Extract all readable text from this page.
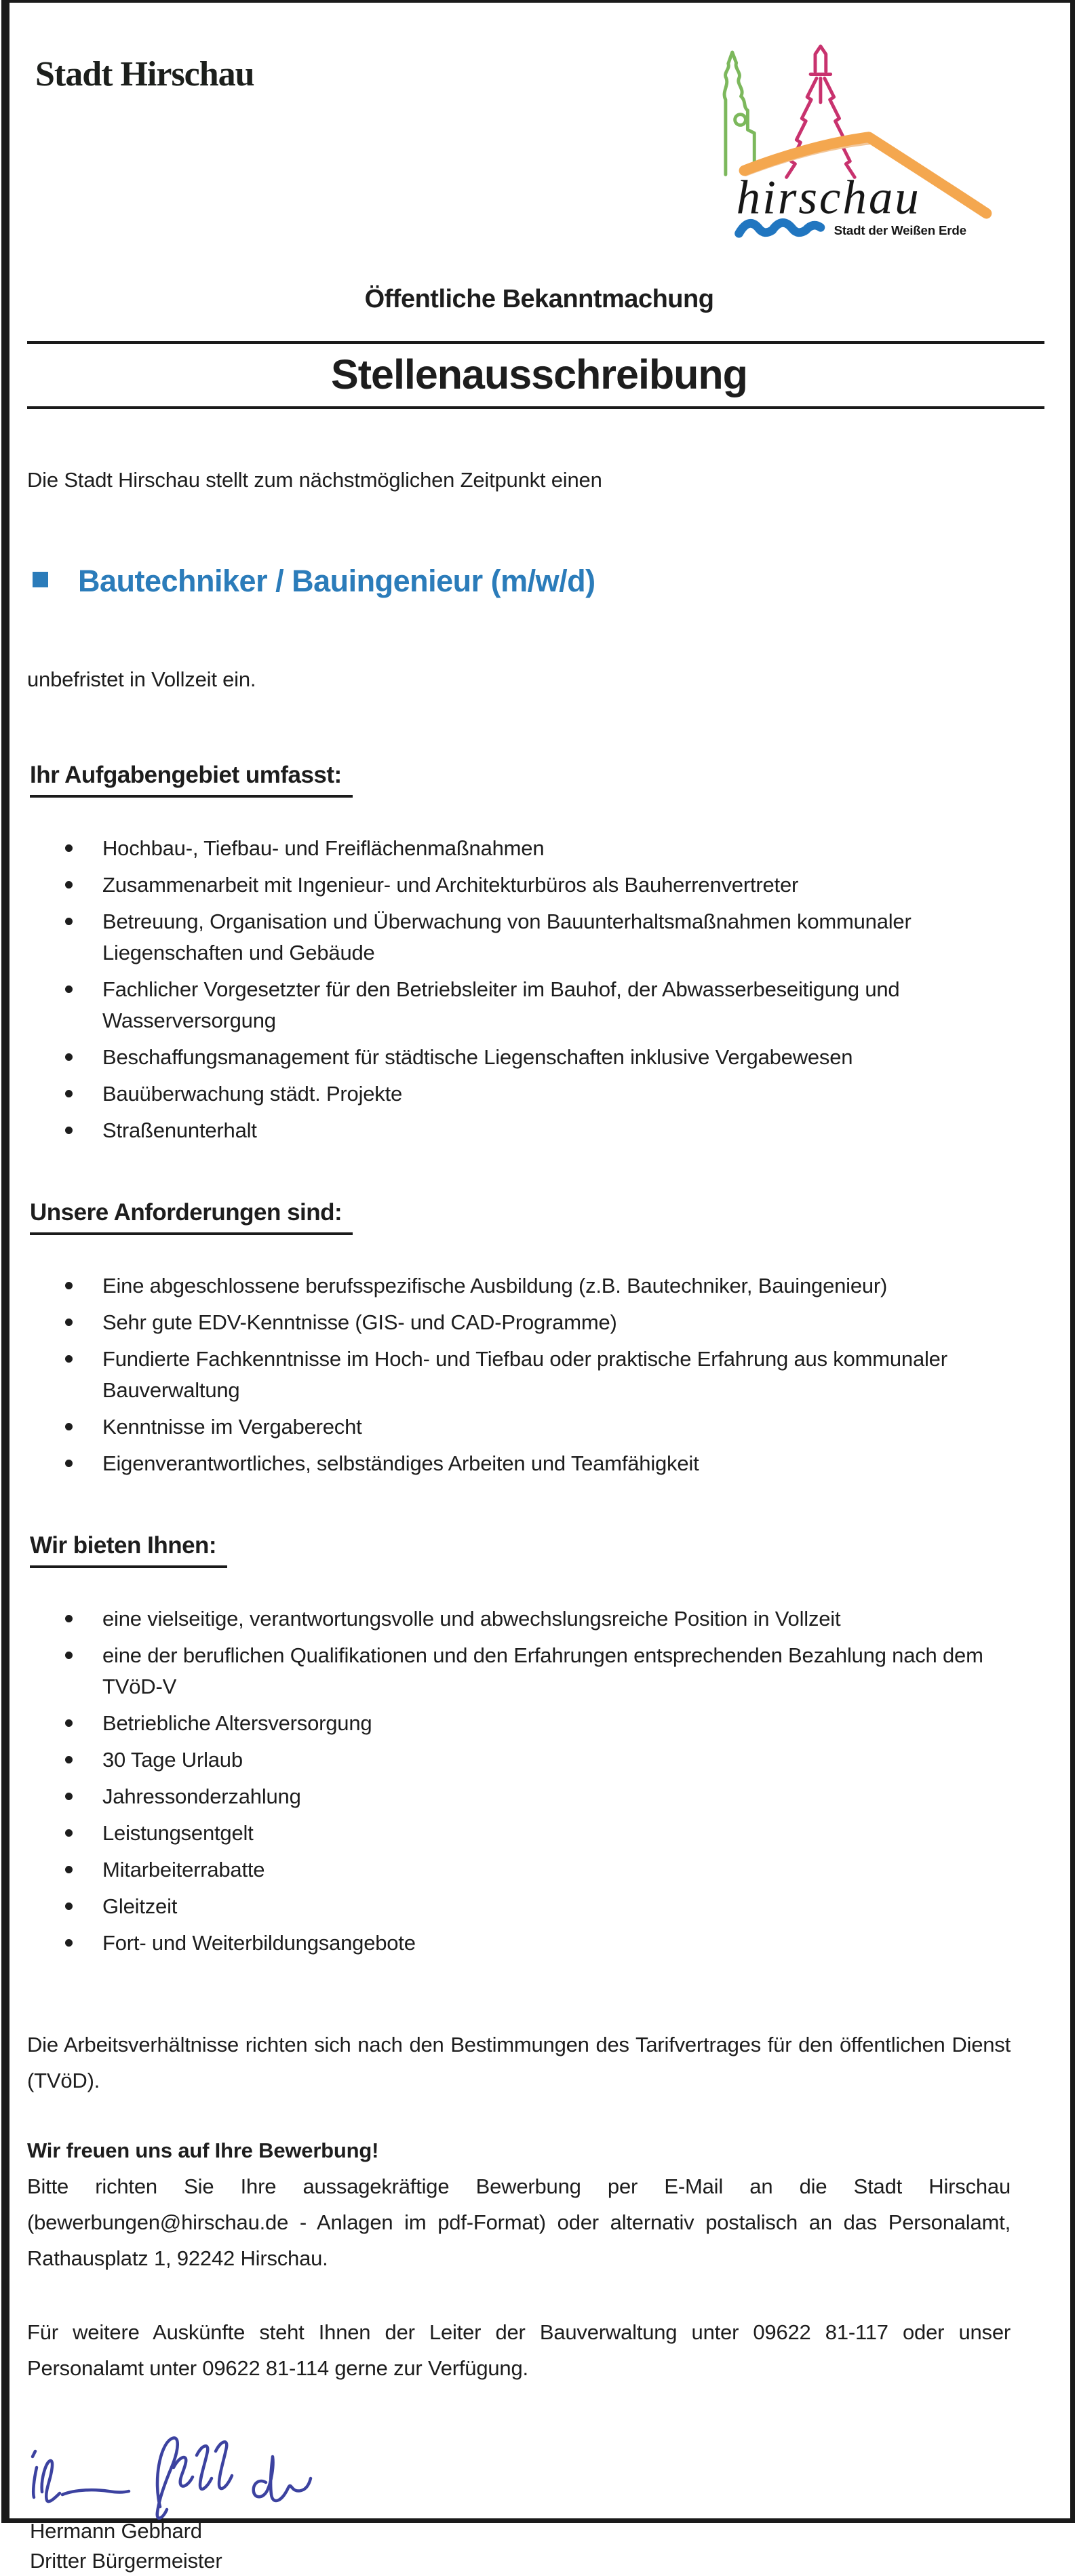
Stadt Hirschau
hirschau
Stadt der Weißen Erde
Öffentliche Bekanntmachung
Stellenausschreibung
Die Stadt Hirschau stellt zum nächstmöglichen Zeitpunkt einen
Bautechniker / Bauingenieur (m/w/d)
unbefristet in Vollzeit ein.
Ihr Aufgabengebiet umfasst:
Hochbau-, Tiefbau- und Freiflächenmaßnahmen
Zusammenarbeit mit Ingenieur- und Architekturbüros als Bauherrenvertreter
Betreuung, Organisation und Überwachung von Bauunterhaltsmaßnahmen kommunaler Liegenschaften und Gebäude
Fachlicher Vorgesetzter für den Betriebsleiter im Bauhof, der Abwasserbeseitigung und Wasserversorgung
Beschaffungsmanagement für städtische Liegenschaften inklusive Vergabewesen
Bauüberwachung städt. Projekte
Straßenunterhalt
Unsere Anforderungen sind:
Eine abgeschlossene berufsspezifische Ausbildung (z.B. Bautechniker, Bauingenieur)
Sehr gute EDV-Kenntnisse (GIS- und CAD-Programme)
Fundierte Fachkenntnisse im Hoch- und Tiefbau oder praktische Erfahrung aus kommunaler Bauverwaltung
Kenntnisse im Vergaberecht
Eigenverantwortliches, selbständiges Arbeiten und Teamfähigkeit
Wir bieten Ihnen:
eine vielseitige, verantwortungsvolle und abwechslungsreiche Position in Vollzeit
eine der beruflichen Qualifikationen und den Erfahrungen entsprechenden Bezahlung nach dem TVöD-V
Betriebliche Altersversorgung
30 Tage Urlaub
Jahressonderzahlung
Leistungsentgelt
Mitarbeiterrabatte
Gleitzeit
Fort- und Weiterbildungsangebote
Die Arbeitsverhältnisse richten sich nach den Bestimmungen des Tarifvertrages für den öffentlichen Dienst (TVöD).
Wir freuen uns auf Ihre Bewerbung!
Bitte richten Sie Ihre aussagekräftige Bewerbung per E-Mail an die Stadt Hirschau (bewerbungen@hirschau.de - Anlagen im pdf-Format) oder alternativ postalisch an das Personalamt, Rathausplatz 1, 92242 Hirschau.
Für weitere Auskünfte steht Ihnen der Leiter der Bauverwaltung unter 09622 81-117 oder unser Personalamt unter 09622 81-114 gerne zur Verfügung.
Hermann Gebhard
Dritter Bürgermeister
